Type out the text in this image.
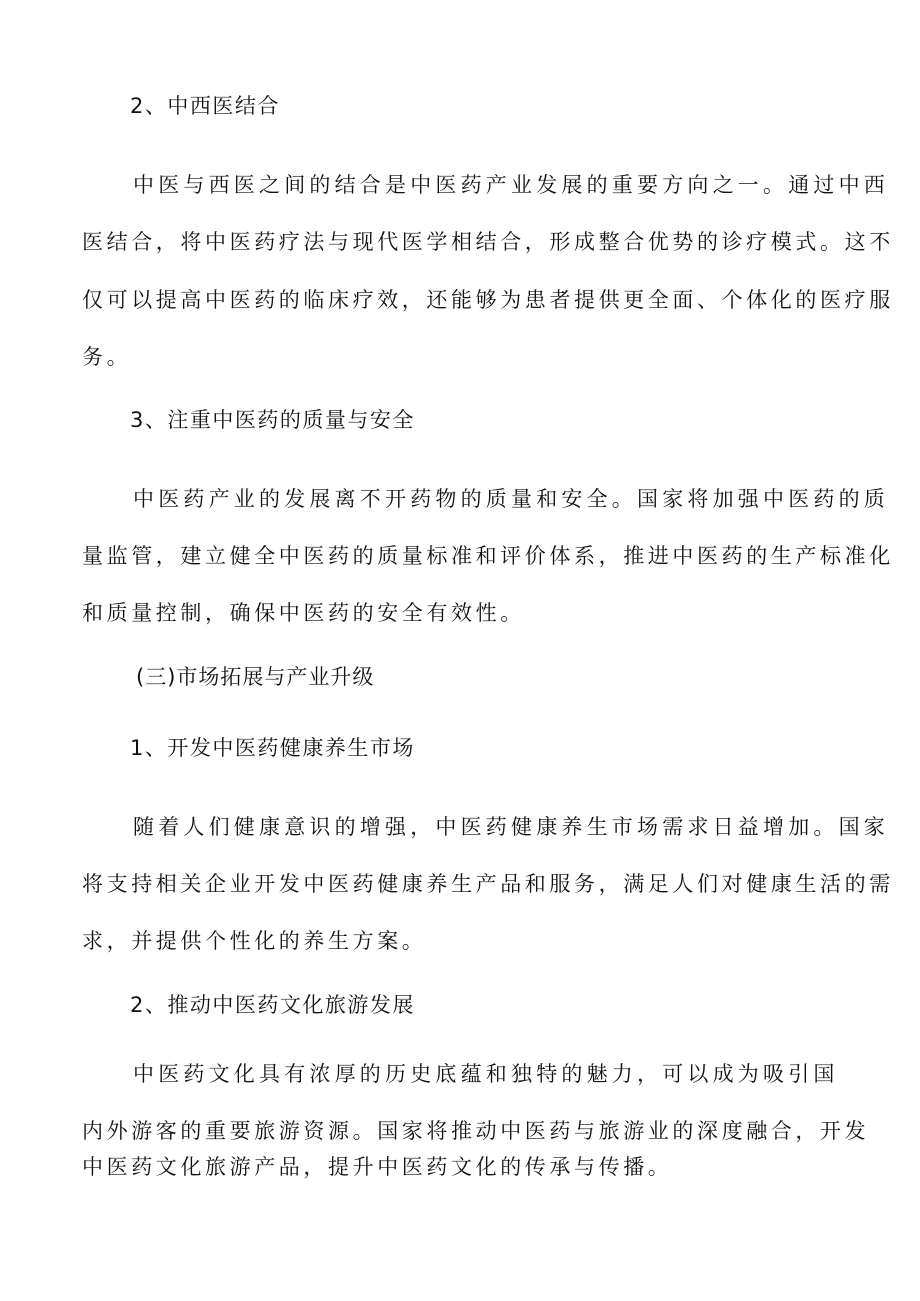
2、中西医结合
中医与西医之间的结合是中医药产业发展的重要方向之一。通过中西
医结合，将中医药疗法与现代医学相结合，形成整合优势的诊疗模式。这不
仅可以提高中医药的临床疗效，还能够为患者提供更全面、个体化的医疗服
务。
3、注重中医药的质量与安全
中医药产业的发展离不开药物的质量和安全。国家将加强中医药的质
量监管，建立健全中医药的质量标准和评价体系，推进中医药的生产标准化
和质量控制，确保中医药的安全有效性。
(三)市场拓展与产业升级
1、开发中医药健康养生市场
随着人们健康意识的增强，中医药健康养生市场需求日益增加。国家
将支持相关企业开发中医药健康养生产品和服务，满足人们对健康生活的需
求，并提供个性化的养生方案。
2、推动中医药文化旅游发展
中医药文化具有浓厚的历史底蕴和独特的魅力，可以成为吸引国
内外游客的重要旅游资源。国家将推动中医药与旅游业的深度融合，开发
中医药文化旅游产品，提升中医药文化的传承与传播。
